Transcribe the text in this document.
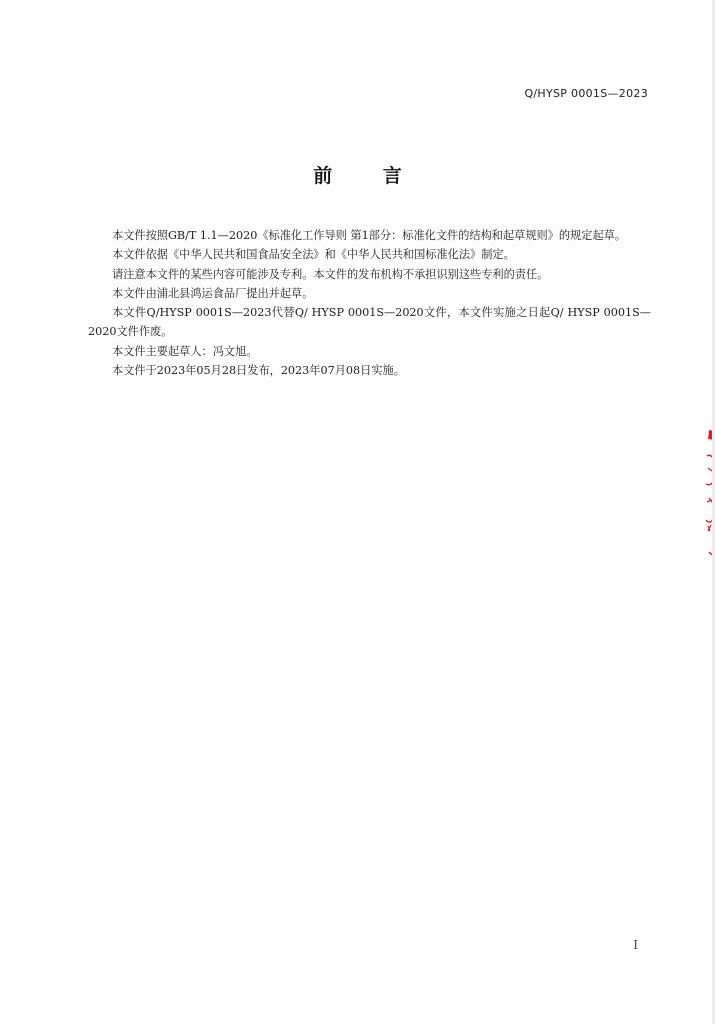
Q/HYSP 0001S—2023
前 言

本文件按照GB/T 1.1—2020《标准化工作导则 第1部分：标准化文件的结构和起草规则》的规定起草。

本文件依据《中华人民共和国食品安全法》和《中华人民共和国标准化法》制定。

请注意本文件的某些内容可能涉及专利。本文件的发布机构不承担识别这些专利的责任。

本文件由浦北县鸿运食品厂提出并起草。

本文件Q/HYSP 0001S—2023代替Q/ HYSP 0001S—2020文件，本文件实施之日起Q/ HYSP 0001S—2020文件作废。

本文件主要起草人：冯文旭。

本文件于2023年05月28日发布，2023年07月08日实施。

I
